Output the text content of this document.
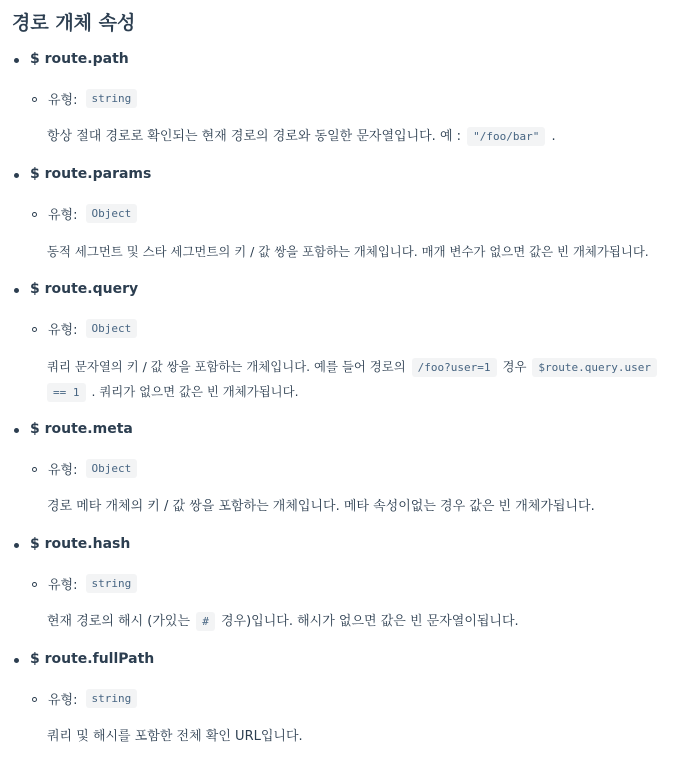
경로 개체 속성
$ route.path
유형:	string
항상 절대 경로로 확인되는 현재 경로의 경로와 동일한 문자열입니다. 예 : "/foo/bar" .
$ route.params
유형:	Object
동적 세그먼트 및 스타 세그먼트의 키 / 값 쌍을 포함하는 개체입니다. 매개 변수가 없으면 값은 빈 개체가됩니다.
$ route.query
유형:	Object
쿼리 문자열의 키 / 값 쌍을 포함하는 개체입니다. 예를 들어 경로의 /foo?user=1 경우 $route.query.user
== 1 . 쿼리가 없으면 값은 빈 개체가됩니다.
$ route.meta
유형:	Object
경로 메타 개체의 키 / 값 쌍을 포함하는 개체입니다. 메타 속성이없는 경우 값은 빈 개체가됩니다.
$ route.hash
유형:	string
현재 경로의 해시 (가있는 # 경우)입니다. 해시가 없으면 값은 빈 문자열이됩니다.
$ route.fullPath
유형:	string
쿼리 및 해시를 포함한 전체 확인 URL입니다.
